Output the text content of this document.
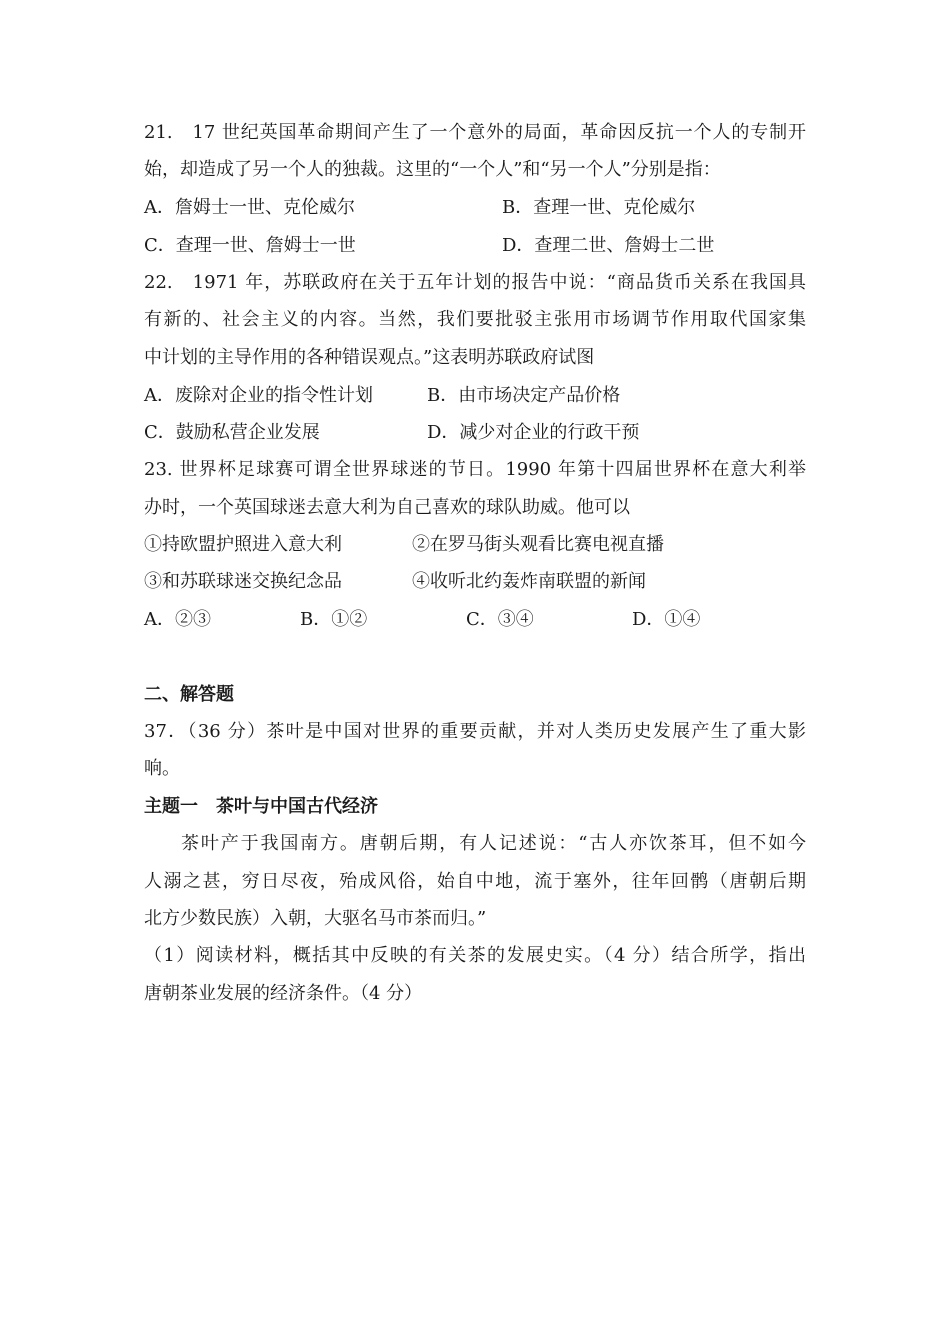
21.　17 世纪英国革命期间产生了一个意外的局面，革命因反抗一个人的专制开
始，却造成了另一个人的独裁。这里的“一个人”和“另一个人”分别是指：
A．詹姆士一世、克伦威尔	B．查理一世、克伦威尔
C．查理一世、詹姆士一世	D．查理二世、詹姆士二世
22.　1971 年，苏联政府在关于五年计划的报告中说：“商品货币关系在我国具
有新的、社会主义的内容。当然，我们要批驳主张用市场调节作用取代国家集
中计划的主导作用的各种错误观点。”这表明苏联政府试图
A．废除对企业的指令性计划	B．由市场决定产品价格
C．鼓励私营企业发展	D．减少对企业的行政干预
23. 世界杯足球赛可谓全世界球迷的节日。1990 年第十四届世界杯在意大利举
办时，一个英国球迷去意大利为自己喜欢的球队助威。他可以
①持欧盟护照进入意大利	②在罗马街头观看比赛电视直播
③和苏联球迷交换纪念品	④收听北约轰炸南联盟的新闻
A．②③	B．①②	C．③④	D．①④
二、解答题
37．（36 分）茶叶是中国对世界的重要贡献，并对人类历史发展产生了重大影
响。
主题一　茶叶与中国古代经济
茶叶产于我国南方。唐朝后期，有人记述说：“古人亦饮茶耳，但不如今
人溺之甚，穷日尽夜，殆成风俗，始自中地，流于塞外，往年回鹘（唐朝后期
北方少数民族）入朝，大驱名马市茶而归。”
（1）阅读材料，概括其中反映的有关茶的发展史实。（4 分）结合所学，指出
唐朝茶业发展的经济条件。（4 分）
